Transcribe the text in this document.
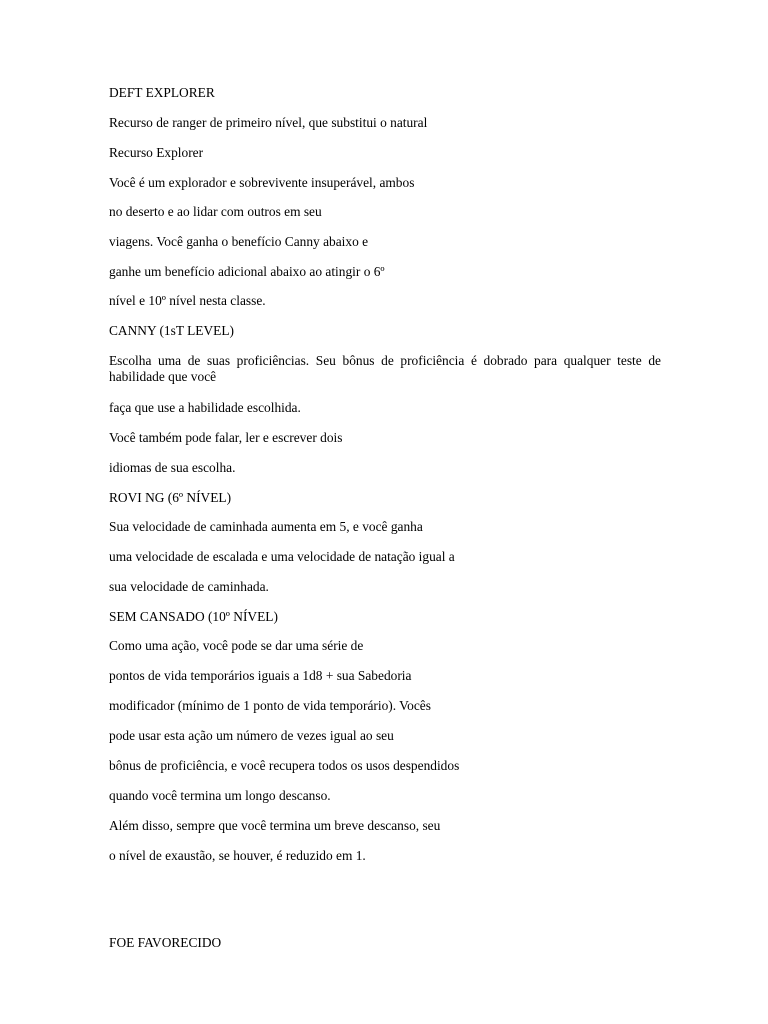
DEFT EXPLORER
Recurso de ranger de primeiro nível, que substitui o natural
Recurso Explorer
Você é um explorador e sobrevivente insuperável, ambos
no deserto e ao lidar com outros em seu
viagens. Você ganha o benefício Canny abaixo e
ganhe um benefício adicional abaixo ao atingir o 6º
nível e 10º nível nesta classe.
CANNY (1sT LEVEL)
Escolha uma de suas proficiências. Seu bônus de proficiência é dobrado para qualquer teste de habilidade que você
faça que use a habilidade escolhida.
Você também pode falar, ler e escrever dois
idiomas de sua escolha.
ROVI NG (6º NÍVEL)
Sua velocidade de caminhada aumenta em 5, e você ganha
uma velocidade de escalada e uma velocidade de natação igual a
sua velocidade de caminhada.
SEM CANSADO (10º NÍVEL)
Como uma ação, você pode se dar uma série de
pontos de vida temporários iguais a 1d8 + sua Sabedoria
modificador (mínimo de 1 ponto de vida temporário). Vocês
pode usar esta ação um número de vezes igual ao seu
bônus de proficiência, e você recupera todos os usos despendidos
quando você termina um longo descanso.
Além disso, sempre que você termina um breve descanso, seu
o nível de exaustão, se houver, é reduzido em 1.
FOE FAVORECIDO
